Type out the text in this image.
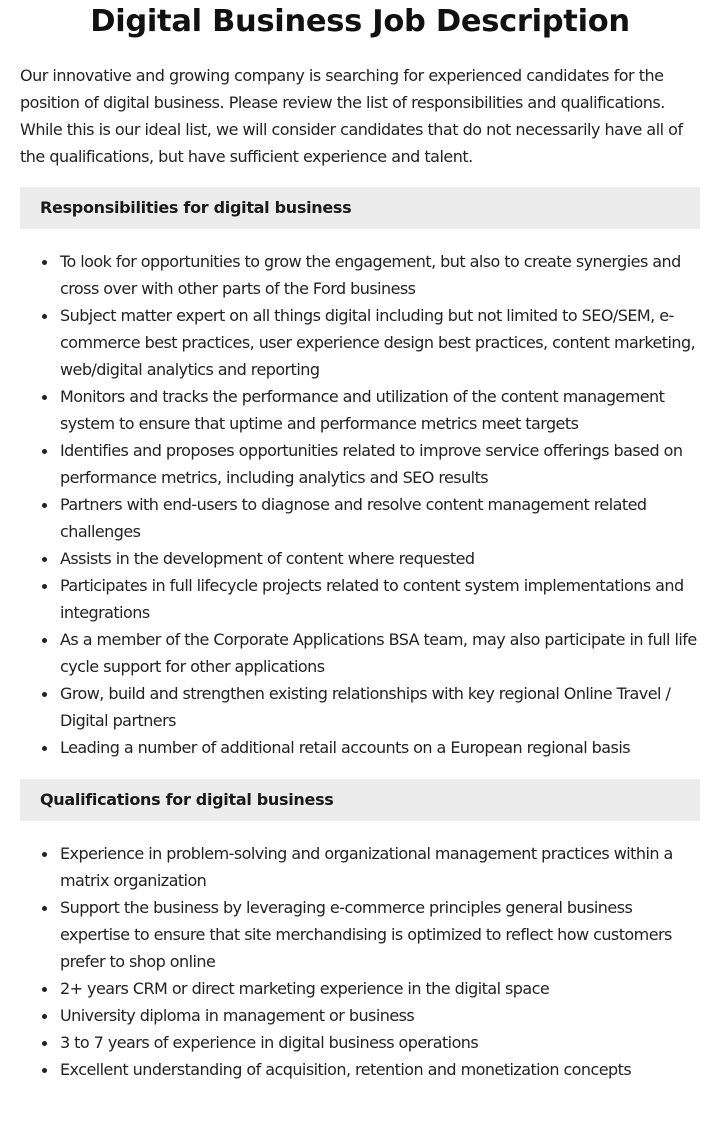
Digital Business Job Description

Our innovative and growing company is searching for experienced candidates for the position of digital business. Please review the list of responsibilities and qualifications. While this is our ideal list, we will consider candidates that do not necessarily have all of the qualifications, but have sufficient experience and talent.

Responsibilities for digital business
To look for opportunities to grow the engagement, but also to create synergies and cross over with other parts of the Ford business
Subject matter expert on all things digital including but not limited to SEO/SEM, e-commerce best practices, user experience design best practices, content marketing, web/digital analytics and reporting
Monitors and tracks the performance and utilization of the content management system to ensure that uptime and performance metrics meet targets
Identifies and proposes opportunities related to improve service offerings based on performance metrics, including analytics and SEO results
Partners with end-users to diagnose and resolve content management related challenges
Assists in the development of content where requested
Participates in full lifecycle projects related to content system implementations and integrations
As a member of the Corporate Applications BSA team, may also participate in full life cycle support for other applications
Grow, build and strengthen existing relationships with key regional Online Travel / Digital partners
Leading a number of additional retail accounts on a European regional basis
Qualifications for digital business
Experience in problem-solving and organizational management practices within a matrix organization
Support the business by leveraging e-commerce principles general business expertise to ensure that site merchandising is optimized to reflect how customers prefer to shop online
2+ years CRM or direct marketing experience in the digital space
University diploma in management or business
3 to 7 years of experience in digital business operations
Excellent understanding of acquisition, retention and monetization concepts
